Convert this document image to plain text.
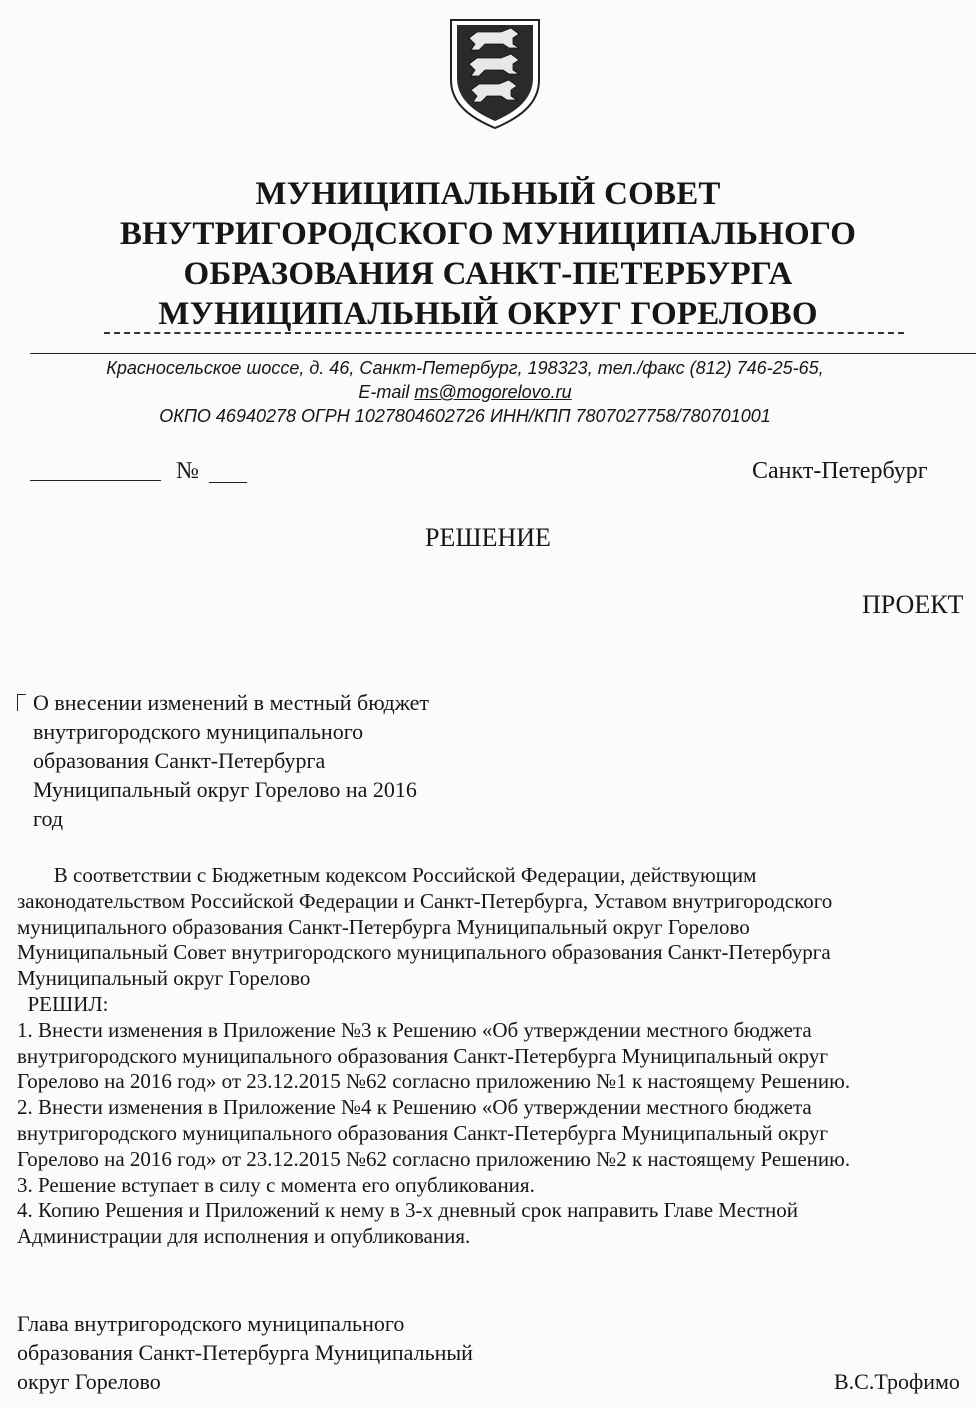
МУНИЦИПАЛЬНЫЙ СОВЕТ
ВНУТРИГОРОДСКОГО МУНИЦИПАЛЬНОГО
ОБРАЗОВАНИЯ САНКТ-ПЕТЕРБУРГА
МУНИЦИПАЛЬНЫЙ ОКРУГ ГОРЕЛОВО
Красносельское шоссе, д. 46, Санкт-Петербург, 198323, тел./факс (812) 746-25-65,
E-mail ms@mogorelovo.ru
ОКПО 46940278 ОГРН 1027804602726 ИНН/КПП 7807027758/780701001
№	Санкт-Петербург
РЕШЕНИЕ
ПРОЕКТ
О внесении изменений в местный бюджет
внутригородского муниципального
образования Санкт-Петербурга
Муниципальный округ Горелово на 2016
год
В соответствии с Бюджетным кодексом Российской Федерации, действующим
законодательством Российской Федерации и Санкт-Петербурга, Уставом внутригородского
муниципального образования Санкт-Петербурга Муниципальный округ Горелово
Муниципальный Совет внутригородского муниципального образования Санкт-Петербурга
Муниципальный округ Горелово
РЕШИЛ:
1. Внести изменения в Приложение №3 к Решению «Об утверждении местного бюджета
внутригородского муниципального образования Санкт-Петербурга Муниципальный округ
Горелово на 2016 год» от 23.12.2015 №62 согласно приложению №1 к настоящему Решению.
2. Внести изменения в Приложение №4 к Решению «Об утверждении местного бюджета
внутригородского муниципального образования Санкт-Петербурга Муниципальный округ
Горелово на 2016 год» от 23.12.2015 №62 согласно приложению №2 к настоящему Решению.
3. Решение вступает в силу с момента его опубликования.
4. Копию Решения и Приложений к нему в 3-х дневный срок направить Главе Местной
Администрации для исполнения и опубликования.
Глава внутригородского муниципального
образования Санкт-Петербурга Муниципальный
округ Горелово	В.С.Трофимо
